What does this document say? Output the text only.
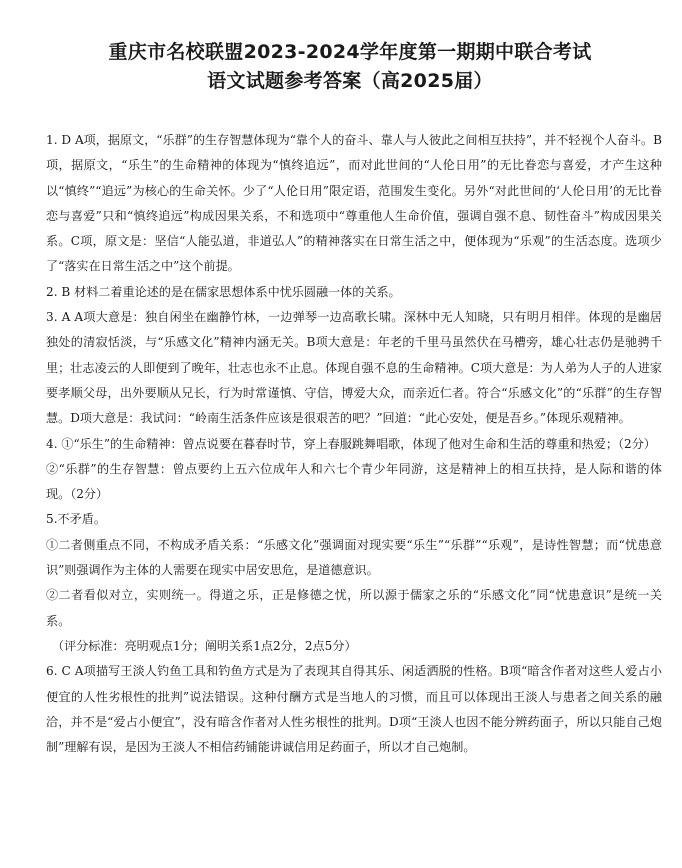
重庆市名校联盟2023-2024学年度第一期期中联合考试
语文试题参考答案（高2025届）

1. D A项，据原文，“乐群”的生存智慧体现为“靠个人的奋斗、靠人与人彼此之间相互扶持”，并不轻视个人奋斗。B项，据原文，“乐生”的生命精神的体现为“慎终追远”，而对此世间的“人伦日用”的无比眷恋与喜爱，才产生这种以“慎终”“追远”为核心的生命关怀。少了“人伦日用”限定语，范围发生变化。另外“对此世间的‘人伦日用’的无比眷恋与喜爱”只和“慎终追远”构成因果关系，不和选项中“尊重他人生命价值，强调自强不息、韧性奋斗”构成因果关系。C项，原文是：坚信“人能弘道，非道弘人”的精神落实在日常生活之中，便体现为“乐观”的生活态度。选项少了“落实在日常生活之中”这个前提。

2. B 材料二着重论述的是在儒家思想体系中忧乐圆融一体的关系。

3. A A项大意是：独自闲坐在幽静竹林，一边弹琴一边高歌长啸。深林中无人知晓，只有明月相伴。体现的是幽居独处的清寂恬淡，与“乐感文化”精神内涵无关。B项大意是：年老的千里马虽然伏在马槽旁，雄心壮志仍是驰骋千里；壮志凌云的人即便到了晚年，壮志也永不止息。体现自强不息的生命精神。C项大意是：为人弟为人子的人进家要孝顺父母，出外要顺从兄长，行为时常谨慎、守信，博爱大众，而亲近仁者。符合“乐感文化”的“乐群”的生存智慧。D项大意是：我试问：“岭南生活条件应该是很艰苦的吧？”回道：“此心安处，便是吾乡。”体现乐观精神。

4. ①“乐生”的生命精神：曾点说要在暮春时节，穿上春服跳舞唱歌，体现了他对生命和生活的尊重和热爱；（2分）

②“乐群”的生存智慧：曾点要约上五六位成年人和六七个青少年同游，这是精神上的相互扶持，是人际和谐的体现。（2分）

5.不矛盾。

①二者侧重点不同，不构成矛盾关系：“乐感文化”强调面对现实要“乐生”“乐群”“乐观”，是诗性智慧；而“忧患意识”则强调作为主体的人需要在现实中居安思危，是道德意识。

②二者看似对立，实则统一。得道之乐，正是修德之忧，所以源于儒家之乐的“乐感文化”同“忧患意识”是统一关系。

（评分标准：亮明观点1分；阐明关系1点2分，2点5分）

6. C A项描写王淡人钓鱼工具和钓鱼方式是为了表现其自得其乐、闲适洒脱的性格。B项“暗含作者对这些人爱占小便宜的人性劣根性的批判”说法错误。这种付酬方式是当地人的习惯，而且可以体现出王淡人与患者之间关系的融洽，并不是“爱占小便宜”，没有暗含作者对人性劣根性的批判。D项“王淡人也因不能分辨药面子，所以只能自己炮制”理解有误，是因为王淡人不相信药铺能讲诚信用足药面子，所以才自己炮制。
